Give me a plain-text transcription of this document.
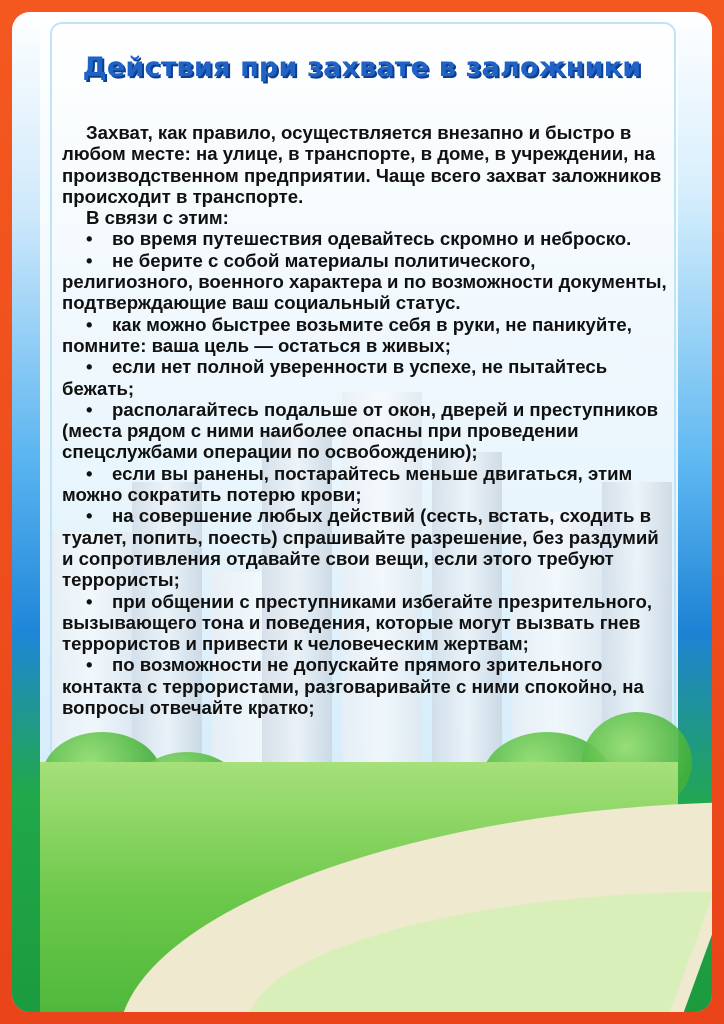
Действия при захвате в заложники

Захват, как правило, осуществляется внезапно и быстро в любом месте: на улице, в транспорте, в доме, в учреждении, на производственном предприятии. Чаще всего захват заложников происходит в транспорте.

В связи с этим:

• во время путешествия одевайтесь скромно и неброско.

• не берите с собой материалы политического, религиозного, военного характера и по возможности документы, подтверждающие ваш социальный статус.

• как можно быстрее возьмите себя в руки, не паникуйте, помните: ваша цель — остаться в живых;

• если нет полной уверенности в успехе, не пытайтесь бежать;

• располагайтесь подальше от окон, дверей и преступников (места рядом с ними наиболее опасны при проведении спецслужбами операции по освобождению);

• если вы ранены, постарайтесь меньше двигаться, этим можно сократить потерю крови;

• на совершение любых действий (сесть, встать, сходить в туалет, попить, поесть) спрашивайте разрешение, без раздумий и сопротивления отдавайте свои вещи, если этого требуют террористы;

• при общении с преступниками избегайте презрительного, вызывающего тона и поведения, которые могут вызвать гнев террористов и привести к человеческим жертвам;

• по возможности не допускайте прямого зрительного контакта с террористами, разговаривайте с ними спокойно, на вопросы отвечайте кратко;
